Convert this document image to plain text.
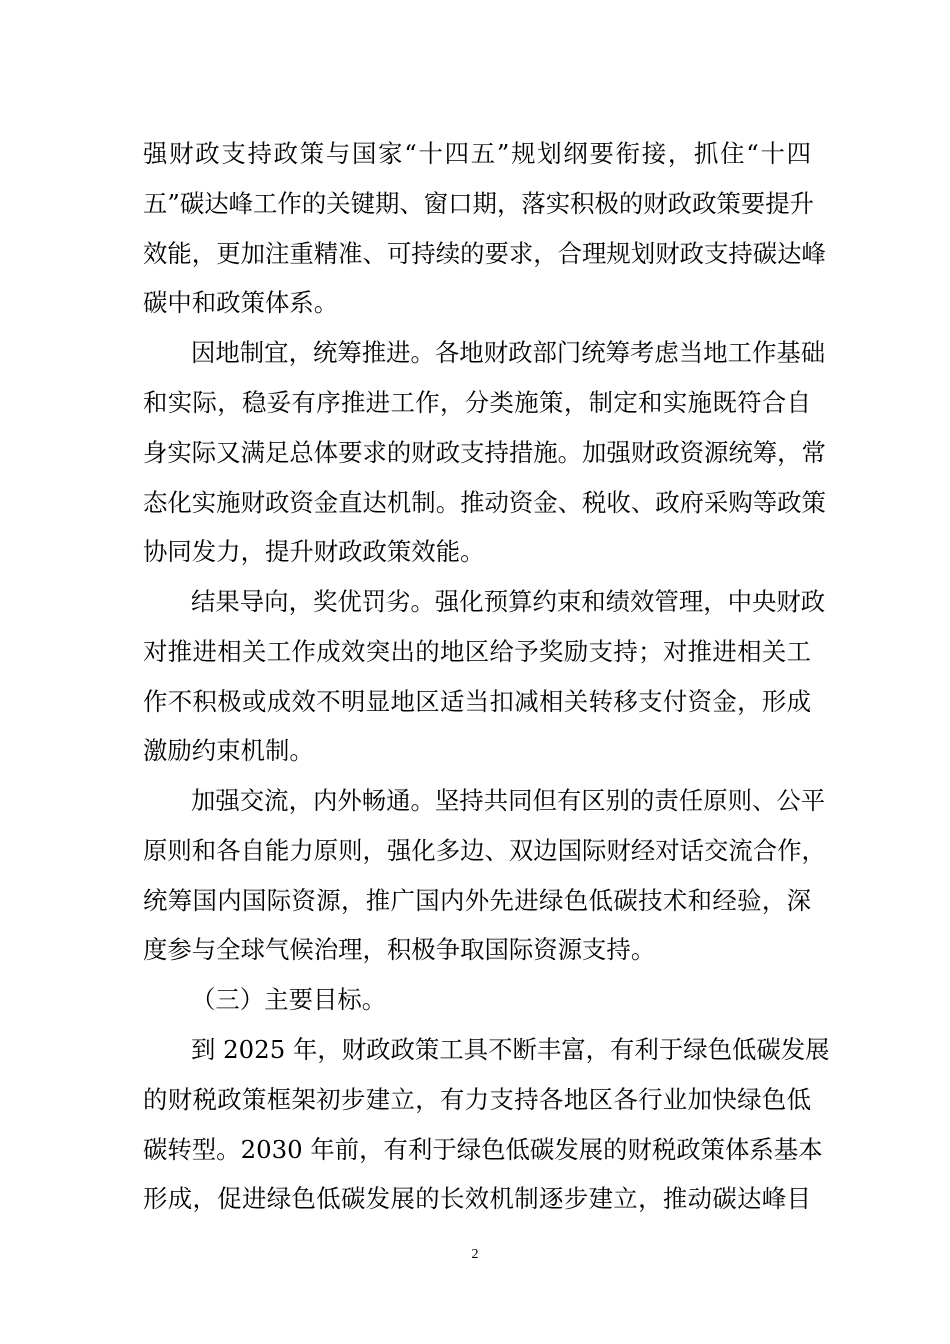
强财政支持政策与国家“十四五”规划纲要衔接，抓住“十四
五”碳达峰工作的关键期、窗口期，落实积极的财政政策要提升
效能，更加注重精准、可持续的要求，合理规划财政支持碳达峰
碳中和政策体系。
因地制宜，统筹推进。各地财政部门统筹考虑当地工作基础
和实际，稳妥有序推进工作，分类施策，制定和实施既符合自
身实际又满足总体要求的财政支持措施。加强财政资源统筹，常
态化实施财政资金直达机制。推动资金、税收、政府采购等政策
协同发力，提升财政政策效能。
结果导向，奖优罚劣。强化预算约束和绩效管理，中央财政
对推进相关工作成效突出的地区给予奖励支持；对推进相关工
作不积极或成效不明显地区适当扣减相关转移支付资金，形成
激励约束机制。
加强交流，内外畅通。坚持共同但有区别的责任原则、公平
原则和各自能力原则，强化多边、双边国际财经对话交流合作，
统筹国内国际资源，推广国内外先进绿色低碳技术和经验，深
度参与全球气候治理，积极争取国际资源支持。
（三）主要目标。
到 2025 年，财政政策工具不断丰富，有利于绿色低碳发展
的财税政策框架初步建立，有力支持各地区各行业加快绿色低
碳转型。2030 年前，有利于绿色低碳发展的财税政策体系基本
形成，促进绿色低碳发展的长效机制逐步建立，推动碳达峰目
2
